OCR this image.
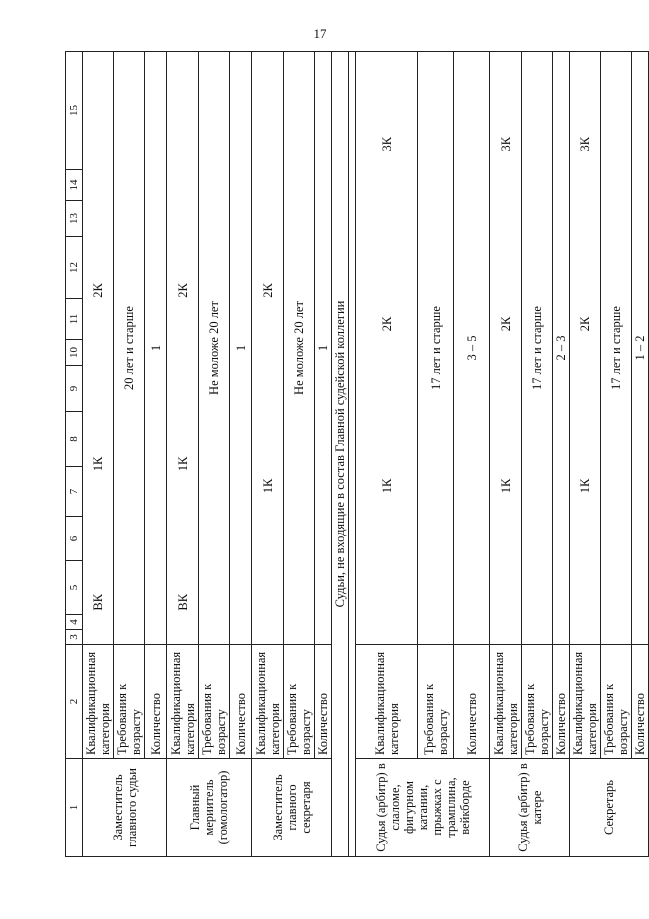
17
1	2	3	4	5	6	7	8	9	10	11	12	13	14	15
Заместитель главного судьи	Квалификационная категория	ВК				1К		2К						
	Требования к возрасту	20 лет и старше												
	Количество	1												
Главный мериитель (гомологатор)	Квалификационная категория	ВК				1К		2К						
	Требования к возрасту	Не моложе 20 лет												
	Количество	1												
Заместитель главного секретаря	Квалификационная категория				1К			2К						
	Требования к возрасту	Не моложе 20 лет												
	Количество	1												
Судьи, не входящие в состав Главной судейской коллегии														

Судья (арбитр) в слаломе, фигурном катании, прыжках с трамплина, вейкборде	Квалификационная категория				1К			2К				3К		
	Требования к возрасту	17 лет и старше												
	Количество	3 – 5												
Судья (арбитр) в катере	Квалификационная категория				1К			2К				3К		
	Требования к возрасту	17 лет и старше												
	Количество	2 – 3												
Секретарь	Квалификационная категория				1К			2К				3К		
	Требования к возрасту	17 лет и старше												
	Количество	1 – 2												
